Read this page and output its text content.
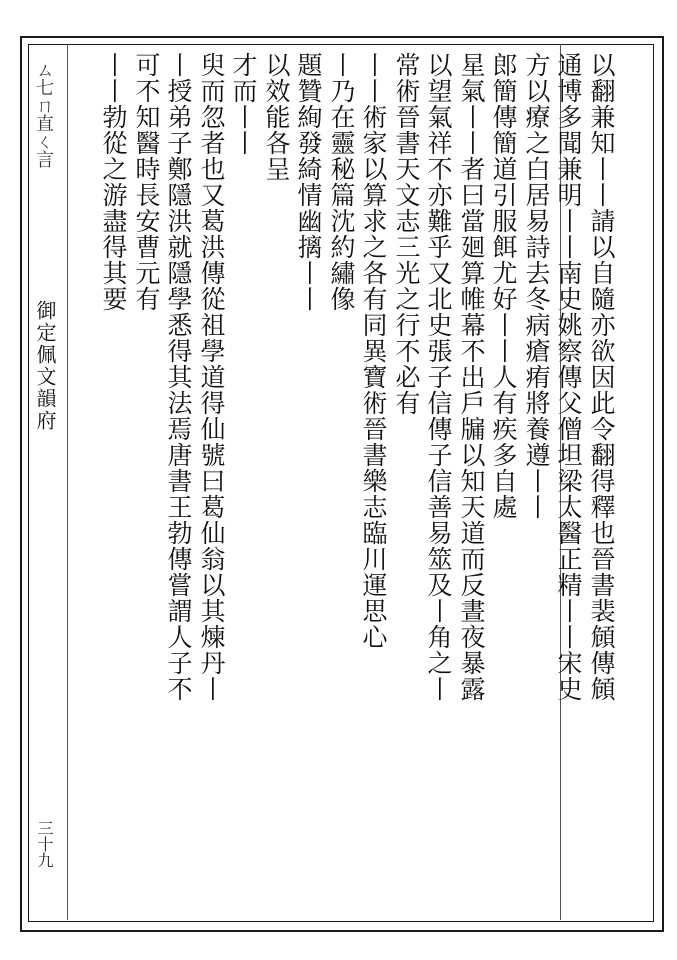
以翻兼知丨丨請以自隨亦欲因此令翻得釋也晉書裴頠傳頠
通博多聞兼明丨丨南史姚察傳父僧坦梁太醫正精丨丨宋史
方以療之白居易詩去冬病瘡痏將養遵丨丨
郎簡傳簡道引服餌尤好丨丨人有疾多自處
星氣丨丨者曰當廻算帷幕不出戶牖以知天道而反晝夜暴露
以望氣祥不亦難乎又北史張子信傳子信善易筮及丨角之丨
常術晉書天文志三光之行不必有
丨丨術家以算求之各有同異寶術晉書樂志臨川運思心
丨乃在靈秘篇沈約繡像
題贊絢發綺情幽摛丨丨
以效能各呈
才而丨丨
臾而忽者也又葛洪傳從祖學道得仙號曰葛仙翁以其煉丹丨
丨授弟子鄭隱洪就隱學悉得其法焉唐書王勃傳嘗謂人子不
可不知醫時長安曹元有
丨丨勃從之游盡得其要
ㄙ七ㄇ直ㄑ言
御定佩文韻府
三十九
